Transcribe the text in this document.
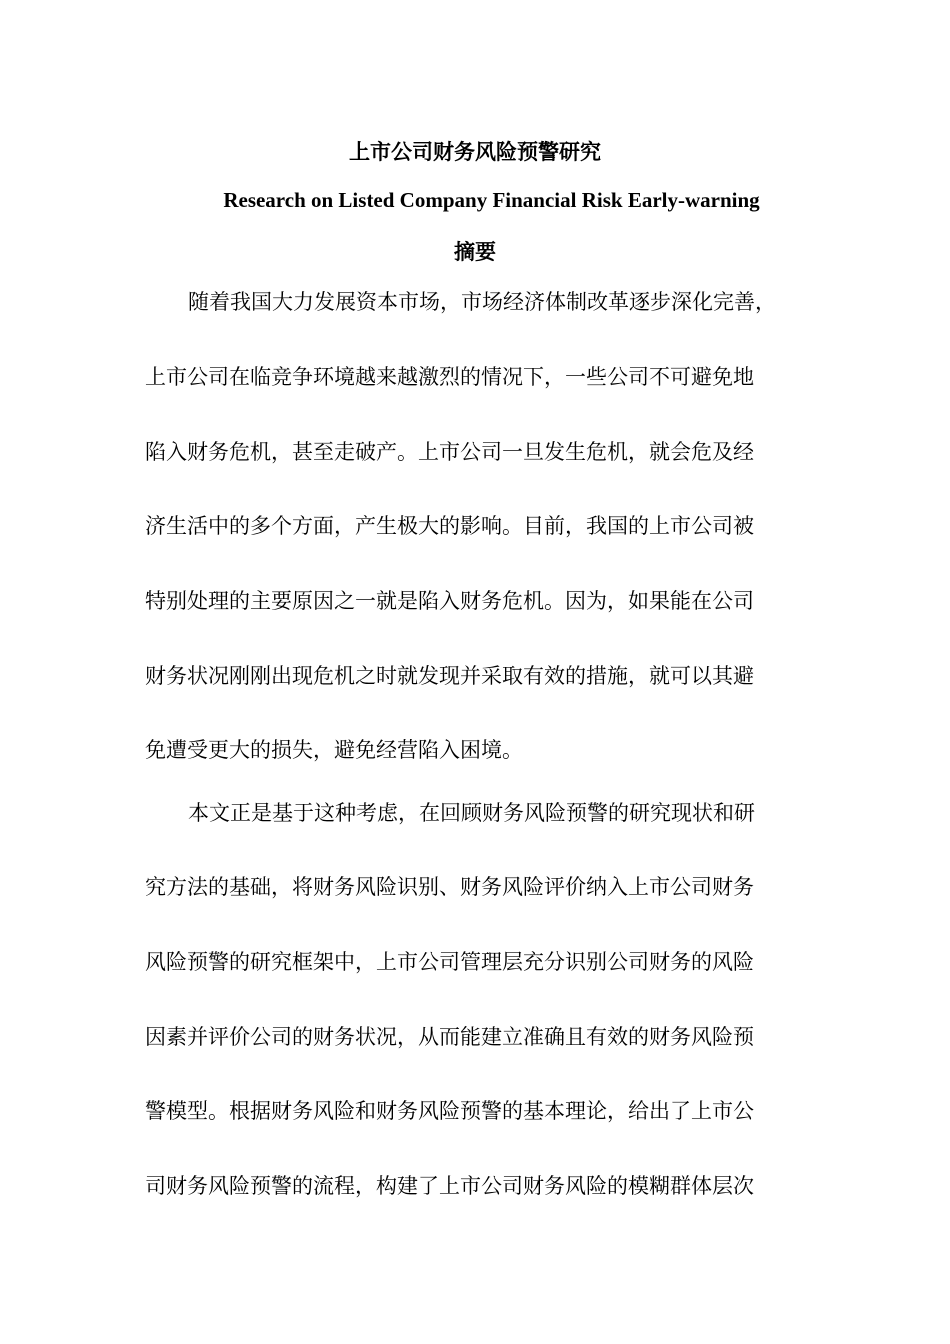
上市公司财务风险预警研究
Research on Listed Company Financial Risk Early-warning
摘要
随着我国大力发展资本市场，市场经济体制改革逐步深化完善，
上市公司在临竞争环境越来越激烈的情况下，一些公司不可避免地
陷入财务危机，甚至走破产。上市公司一旦发生危机，就会危及经
济生活中的多个方面，产生极大的影响。目前，我国的上市公司被
特别处理的主要原因之一就是陷入财务危机。因为，如果能在公司
财务状况刚刚出现危机之时就发现并采取有效的措施，就可以其避
免遭受更大的损失，避免经营陷入困境。
本文正是基于这种考虑，在回顾财务风险预警的研究现状和研
究方法的基础，将财务风险识别、财务风险评价纳入上市公司财务
风险预警的研究框架中，上市公司管理层充分识别公司财务的风险
因素并评价公司的财务状况，从而能建立准确且有效的财务风险预
警模型。根据财务风险和财务风险预警的基本理论，给出了上市公
司财务风险预警的流程，构建了上市公司财务风险的模糊群体层次
